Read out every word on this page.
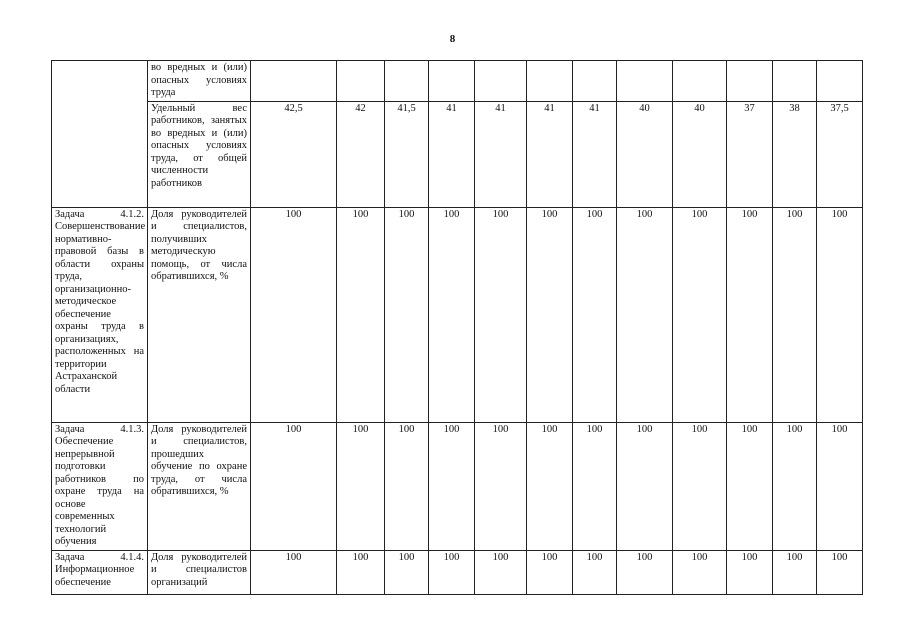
8
	во вредных и (или) опасных условиях труда												
	Удельный вес работников, занятых во вредных и (или) опасных условиях труда, от общей численности работников	42,5	42	41,5	41	41	41	41	40	40	37	38	37,5
Задача 4.1.2. Совершенствование нормативно-правовой базы в области охраны труда, организационно-методическое обеспечение охраны труда в организациях, расположенных на территории Астраханской области	Доля руководителей и специалистов, получивших методическую помощь, от числа обратившихся, %	100	100	100	100	100	100	100	100	100	100	100	100
Задача 4.1.3. Обеспечение непрерывной подготовки работников по охране труда на основе современных технологий обучения	Доля руководителей и специалистов, прошедших обучение по охране труда, от числа обратившихся, %	100	100	100	100	100	100	100	100	100	100	100	100
Задача 4.1.4. Информационное обеспечение	Доля руководителей и специалистов организаций	100	100	100	100	100	100	100	100	100	100	100	100
